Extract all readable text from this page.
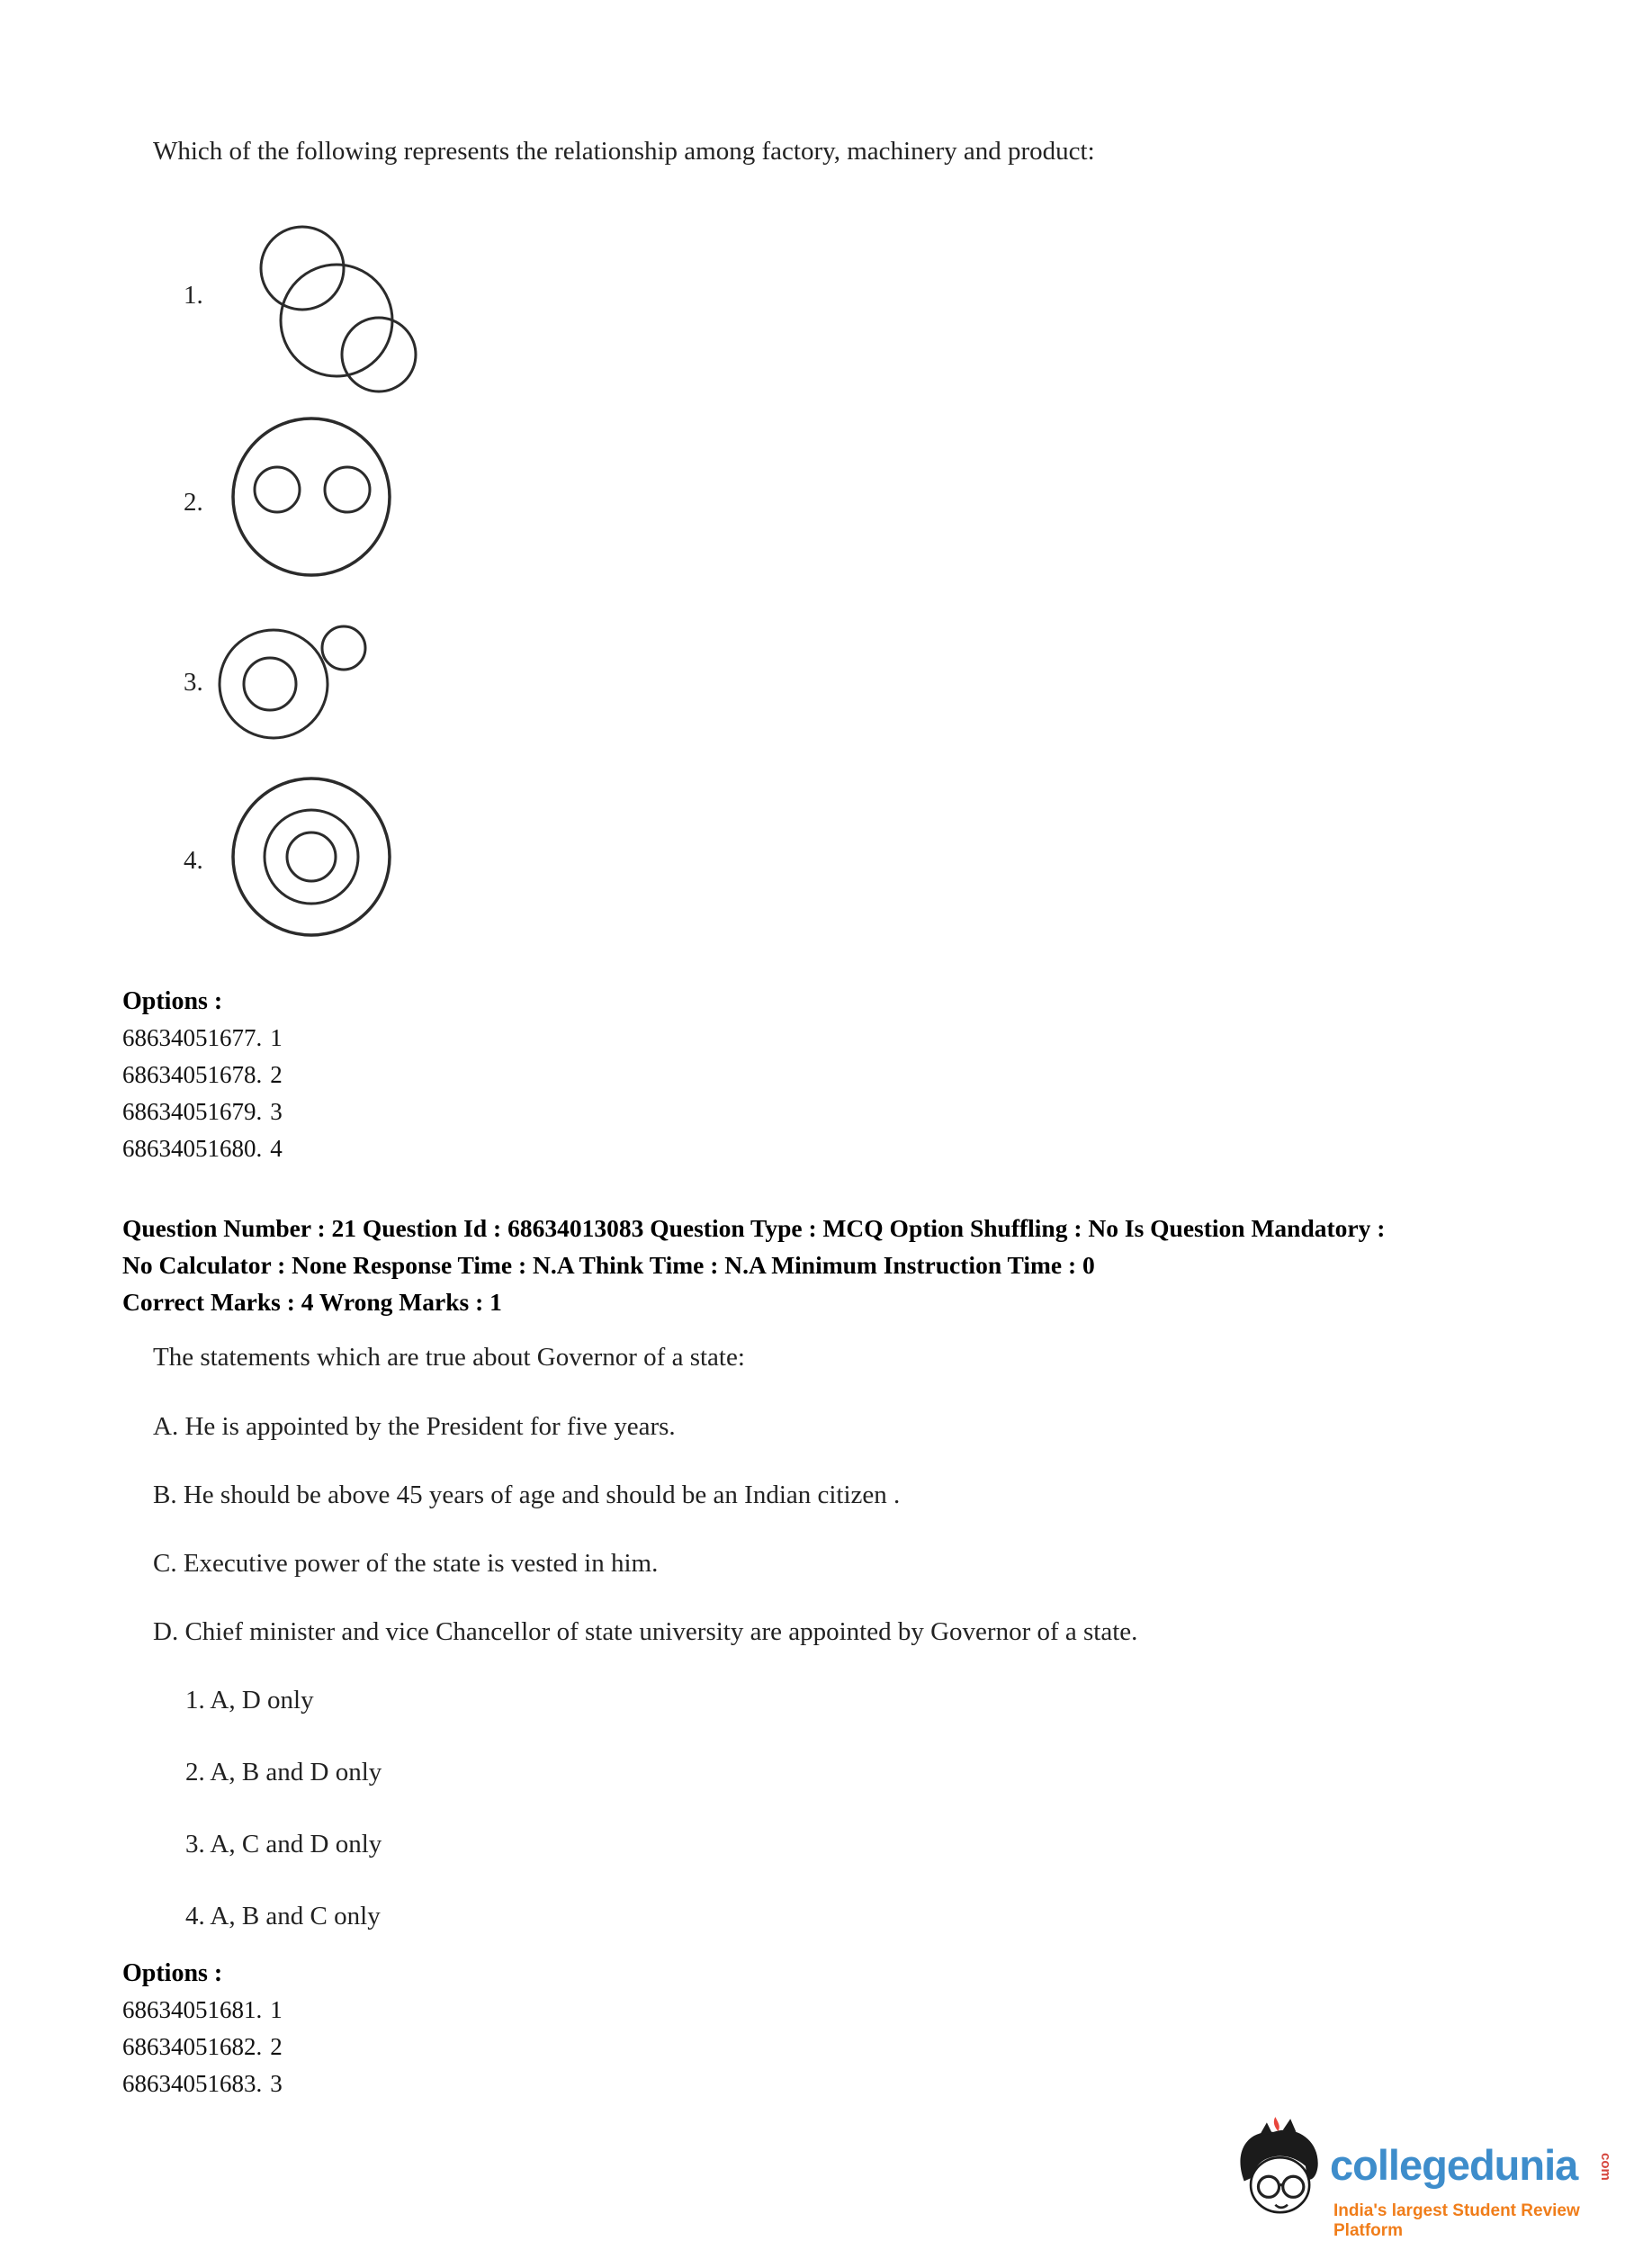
Which of the following represents the relationship among factory, machinery and product:
1.
2.
3.
4.
Options :
68634051677. 1
68634051678. 2
68634051679. 3
68634051680. 4
Question Number : 21 Question Id : 68634013083 Question Type : MCQ Option Shuffling : No Is Question Mandatory :
No Calculator : None Response Time : N.A Think Time : N.A Minimum Instruction Time : 0
Correct Marks : 4 Wrong Marks : 1
The statements which are true about Governor of a state:
A. He is appointed by the President for five years.
B. He should be above 45 years of age and should be an Indian citizen .
C. Executive power of the state is vested in him.
D. Chief minister and vice Chancellor of state university are appointed by Governor of a state.
1. A, D only
2. A, B and D only
3. A, C and D only
4. A, B and C only
Options :
68634051681. 1
68634051682. 2
68634051683. 3
collegedunia com
India's largest Student Review Platform
